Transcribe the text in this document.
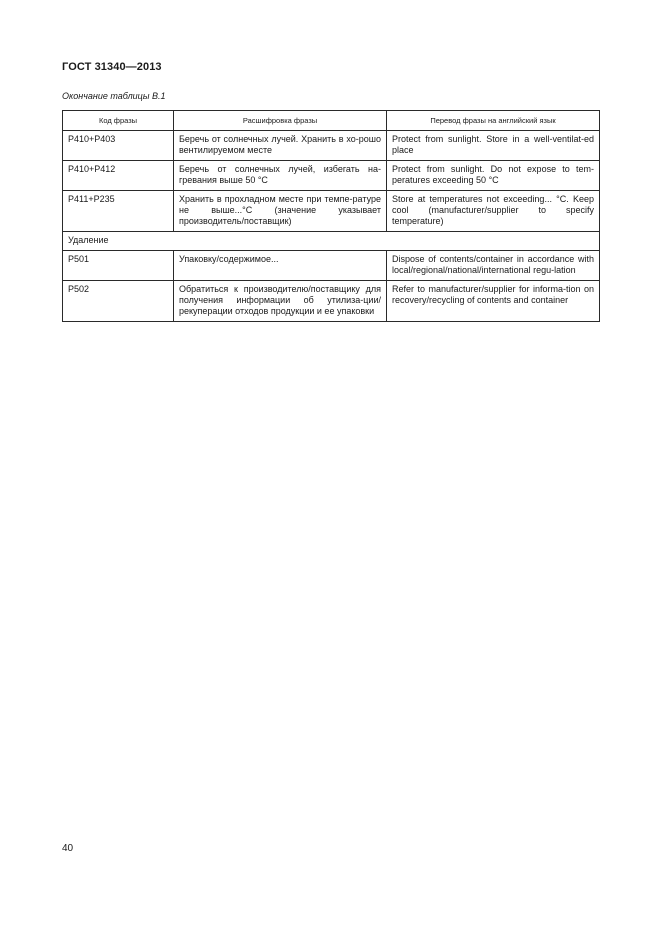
ГОСТ 31340—2013
Окончание таблицы В.1
Код фразы	Расшифровка фразы	Перевод фразы на английский язык
P410+P403	Беречь от солнечных лучей. Хранить в хо-рошо вентилируемом месте	Protect from sunlight. Store in a well-ventilat-ed place
P410+P412	Беречь от солнечных лучей, избегать на-гревания выше 50 °С	Protect from sunlight. Do not expose to tem-peratures exceeding 50 °C
P411+P235	Хранить в прохладном месте при темпе-ратуре не выше...°С (значение указывает производитель/поставщик)	Store at temperatures not exceeding... °C. Keep cool (manufacturer/supplier to specify temperature)
Удаление		
P501	Упаковку/содержимое...	Dispose of contents/container in accordance with local/regional/national/international regu-lation
P502	Обратиться к производителю/поставщику для получения информации об утилиза-ции/рекуперации отходов продукции и ее упаковки	Refer to manufacturer/supplier for informa-tion on recovery/recycling of contents and container
40
